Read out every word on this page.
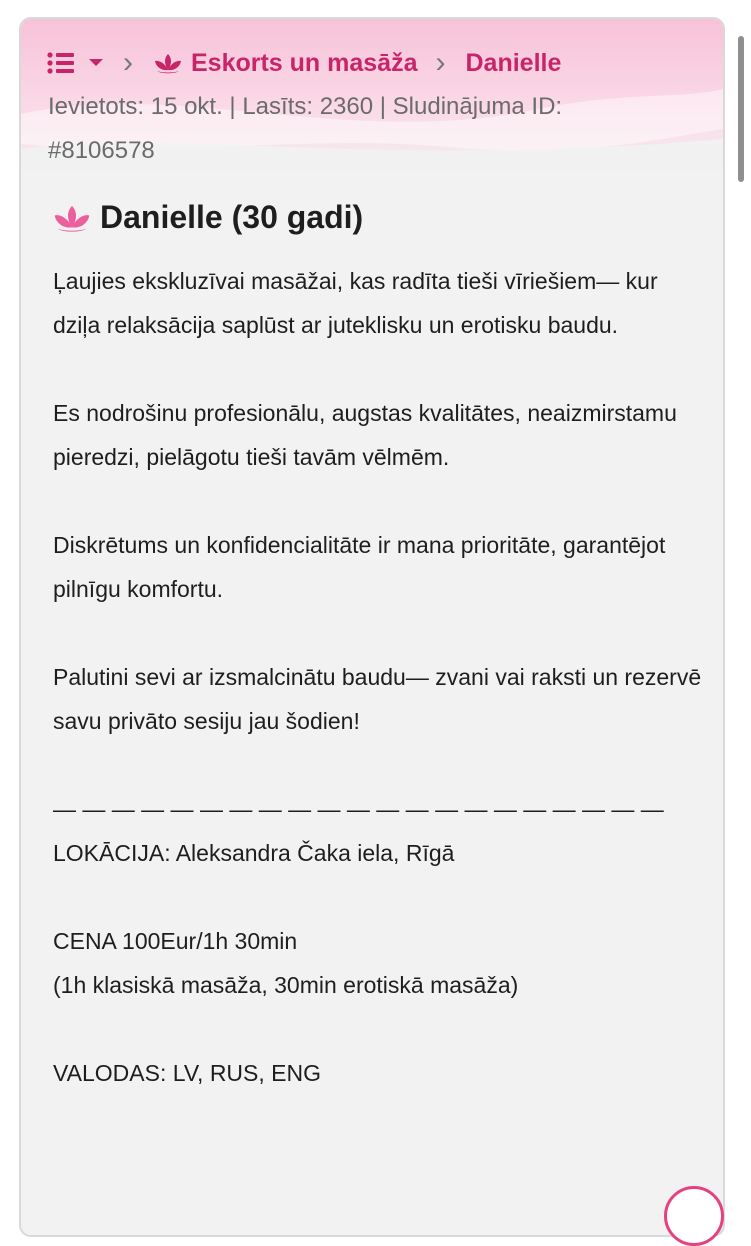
› Eskorts un masāža › Danielle
Ievietots: 15 okt. | Lasīts: 2360 | Sludinājuma ID: #8106578
Danielle (30 gadi)

Ļaujies ekskluzīvai masāžai, kas radīta tieši vīriešiem— kur dziļa relaksācija saplūst ar juteklisku un erotisku baudu.

Es nodrošinu profesionālu, augstas kvalitātes, neaizmirstamu pieredzi, pielāgotu tieši tavām vēlmēm.

Diskrētums un konfidencialitāte ir mana prioritāte, garantējot pilnīgu komfortu.

Palutini sevi ar izsmalcinātu baudu— zvani vai raksti un rezervē savu privāto sesiju jau šodien!

— — — — — — — — — — — — — — — — — — — — —

LOKĀCIJA: Aleksandra Čaka iela, Rīgā

CENA 100Eur/1h 30min

(1h klasiskā masāža, 30min erotiskā masāža)

VALODAS: LV, RUS, ENG
